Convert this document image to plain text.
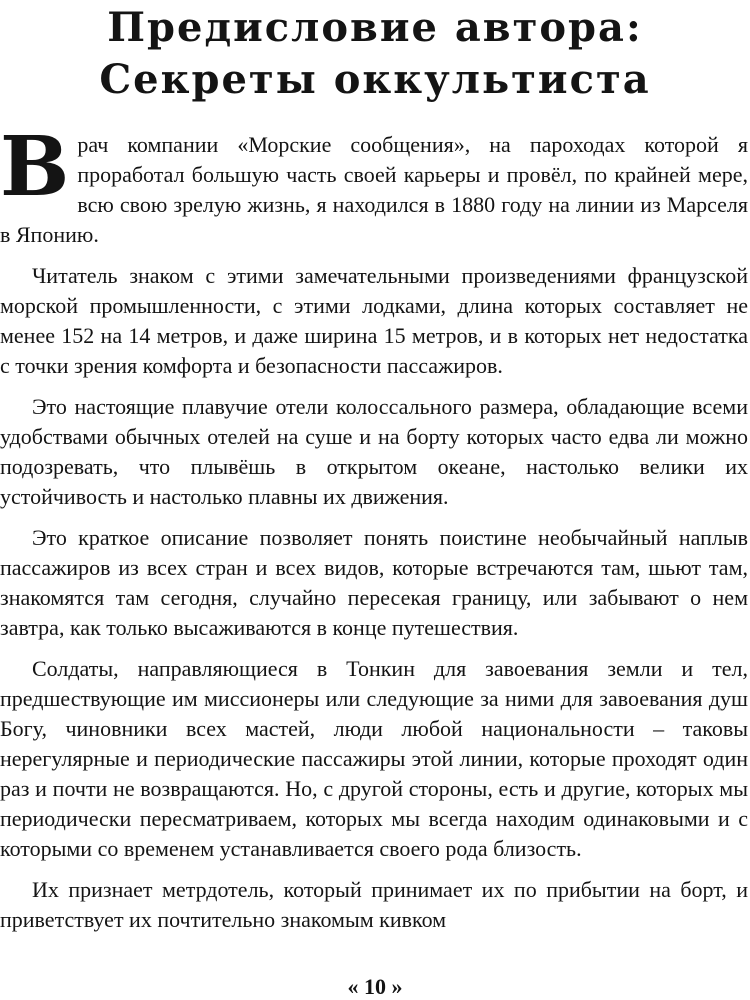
Предисловие автора:
Секреты оккультиста

Врач компании «Морские сообщения», на пароходах которой я проработал большую часть своей карьеры и провёл, по крайней мере, всю свою зрелую жизнь, я находился в 1880 году на линии из Марселя в Японию.

Читатель знаком с этими замечательными произведениями французской морской промышленности, с этими лодками, длина которых составляет не менее 152 на 14 метров, и даже ширина 15 метров, и в которых нет недостатка с точки зрения комфорта и безопасности пассажиров.

Это настоящие плавучие отели колоссального размера, обладающие всеми удобствами обычных отелей на суше и на борту которых часто едва ли можно подозревать, что плывёшь в открытом океане, настолько велики их устойчивость и настолько плавны их движения.

Это краткое описание позволяет понять поистине необычайный наплыв пассажиров из всех стран и всех видов, которые встречаются там, шьют там, знакомятся там сегодня, случайно пересекая границу, или забывают о нем завтра, как только высаживаются в конце путешествия.

Солдаты, направляющиеся в Тонкин для завоевания земли и тел, предшествующие им миссионеры или следующие за ними для завоевания душ Богу, чиновники всех мастей, люди любой национальности – таковы нерегулярные и периодические пассажиры этой линии, которые проходят один раз и почти не возвращаются. Но, с другой стороны, есть и другие, которых мы периодически пересматриваем, которых мы всегда находим одинаковыми и с которыми со временем устанавливается своего рода близость.

Их признает метрдотель, который принимает их по прибытии на борт, и приветствует их почтительно знакомым кивком

« 10 »
